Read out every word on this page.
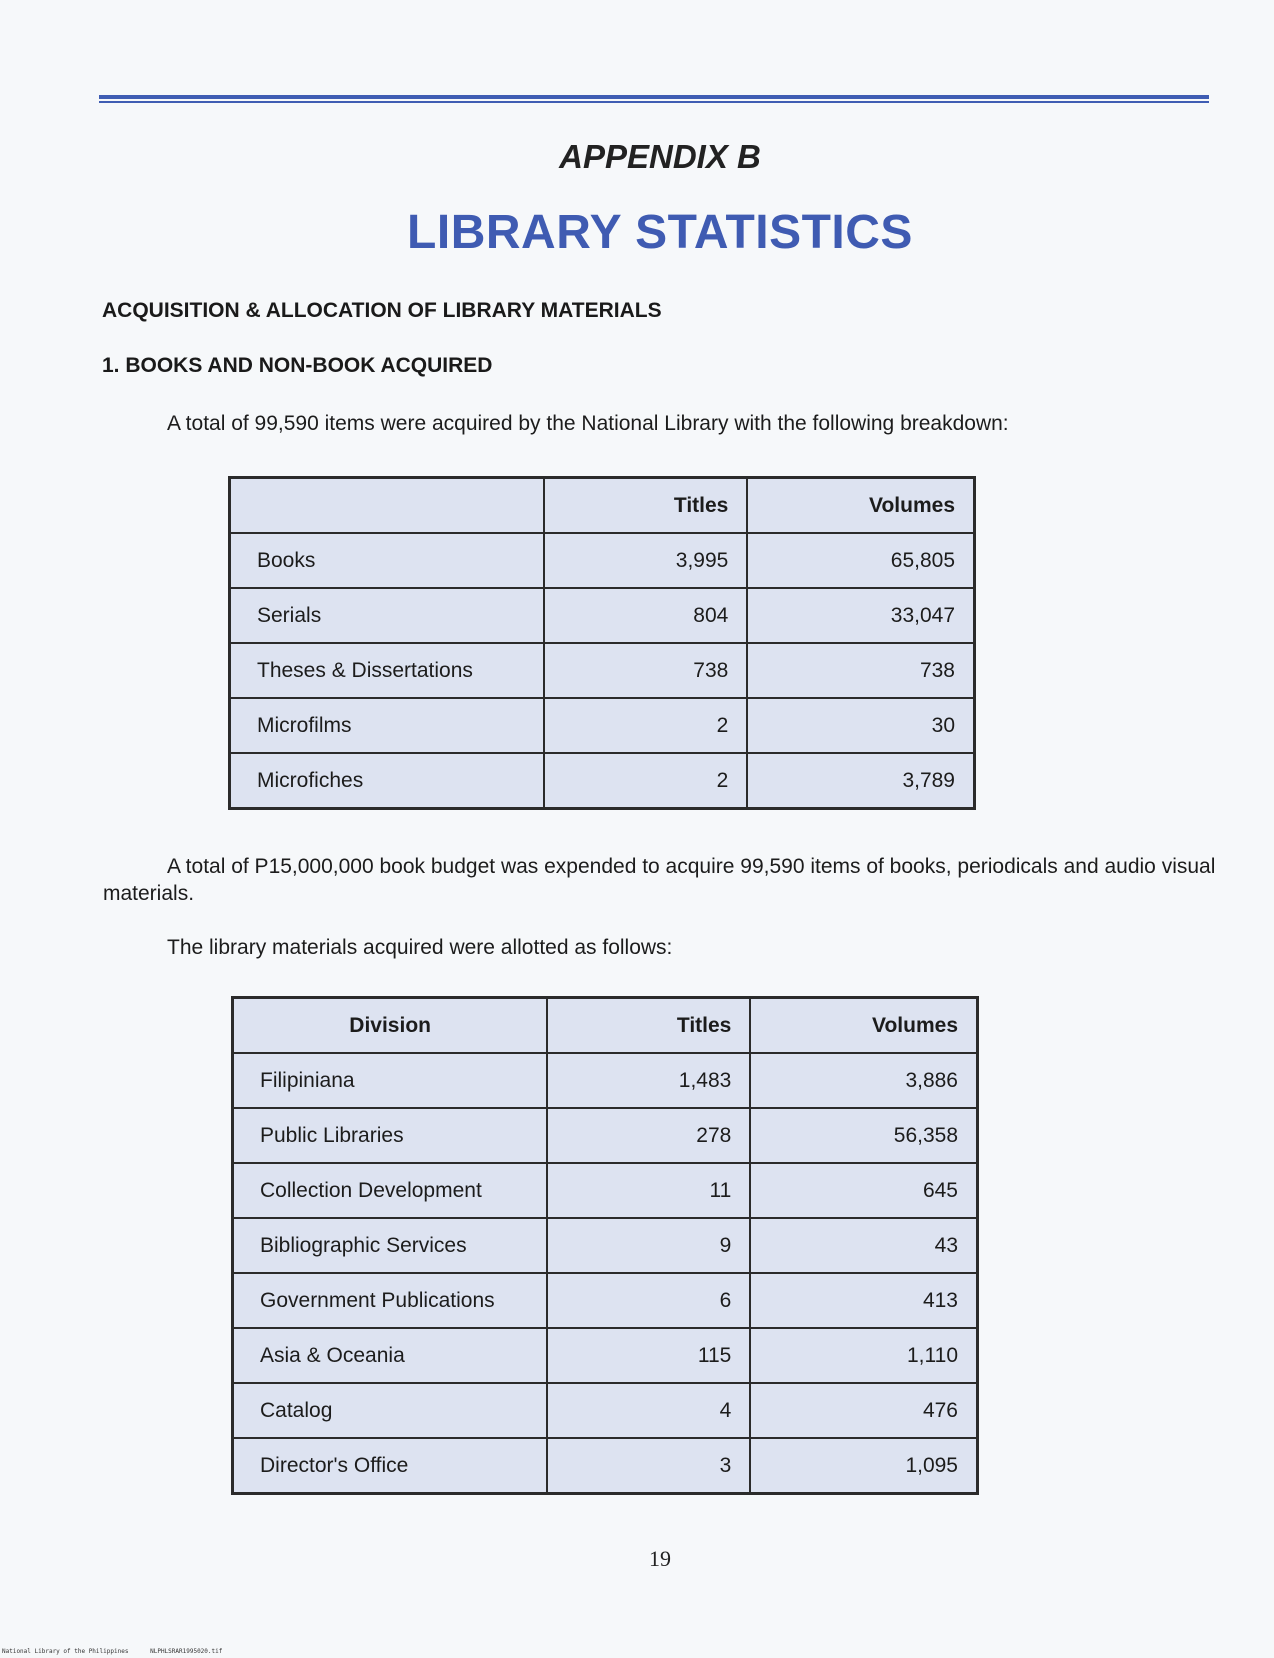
APPENDIX B
LIBRARY STATISTICS
ACQUISITION & ALLOCATION OF LIBRARY MATERIALS
1. BOOKS AND NON-BOOK ACQUIRED
A total of 99,590 items were acquired by the National Library with the following breakdown:
	Titles	Volumes
Books	3,995	65,805
Serials	804	33,047
Theses & Dissertations	738	738
Microfilms	2	30
Microfiches	2	3,789
A total of P15,000,000 book budget was expended to acquire 99,590 items of books, periodicals and audio visual materials.
The library materials acquired were allotted as follows:
Division	Titles	Volumes
Filipiniana	1,483	3,886
Public Libraries	278	56,358
Collection Development	11	645
Bibliographic Services	9	43
Government Publications	6	413
Asia & Oceania	115	1,110
Catalog	4	476
Director's Office	3	1,095
19
National Library of the Philippines      NLPHLSRAR1995020.tif
